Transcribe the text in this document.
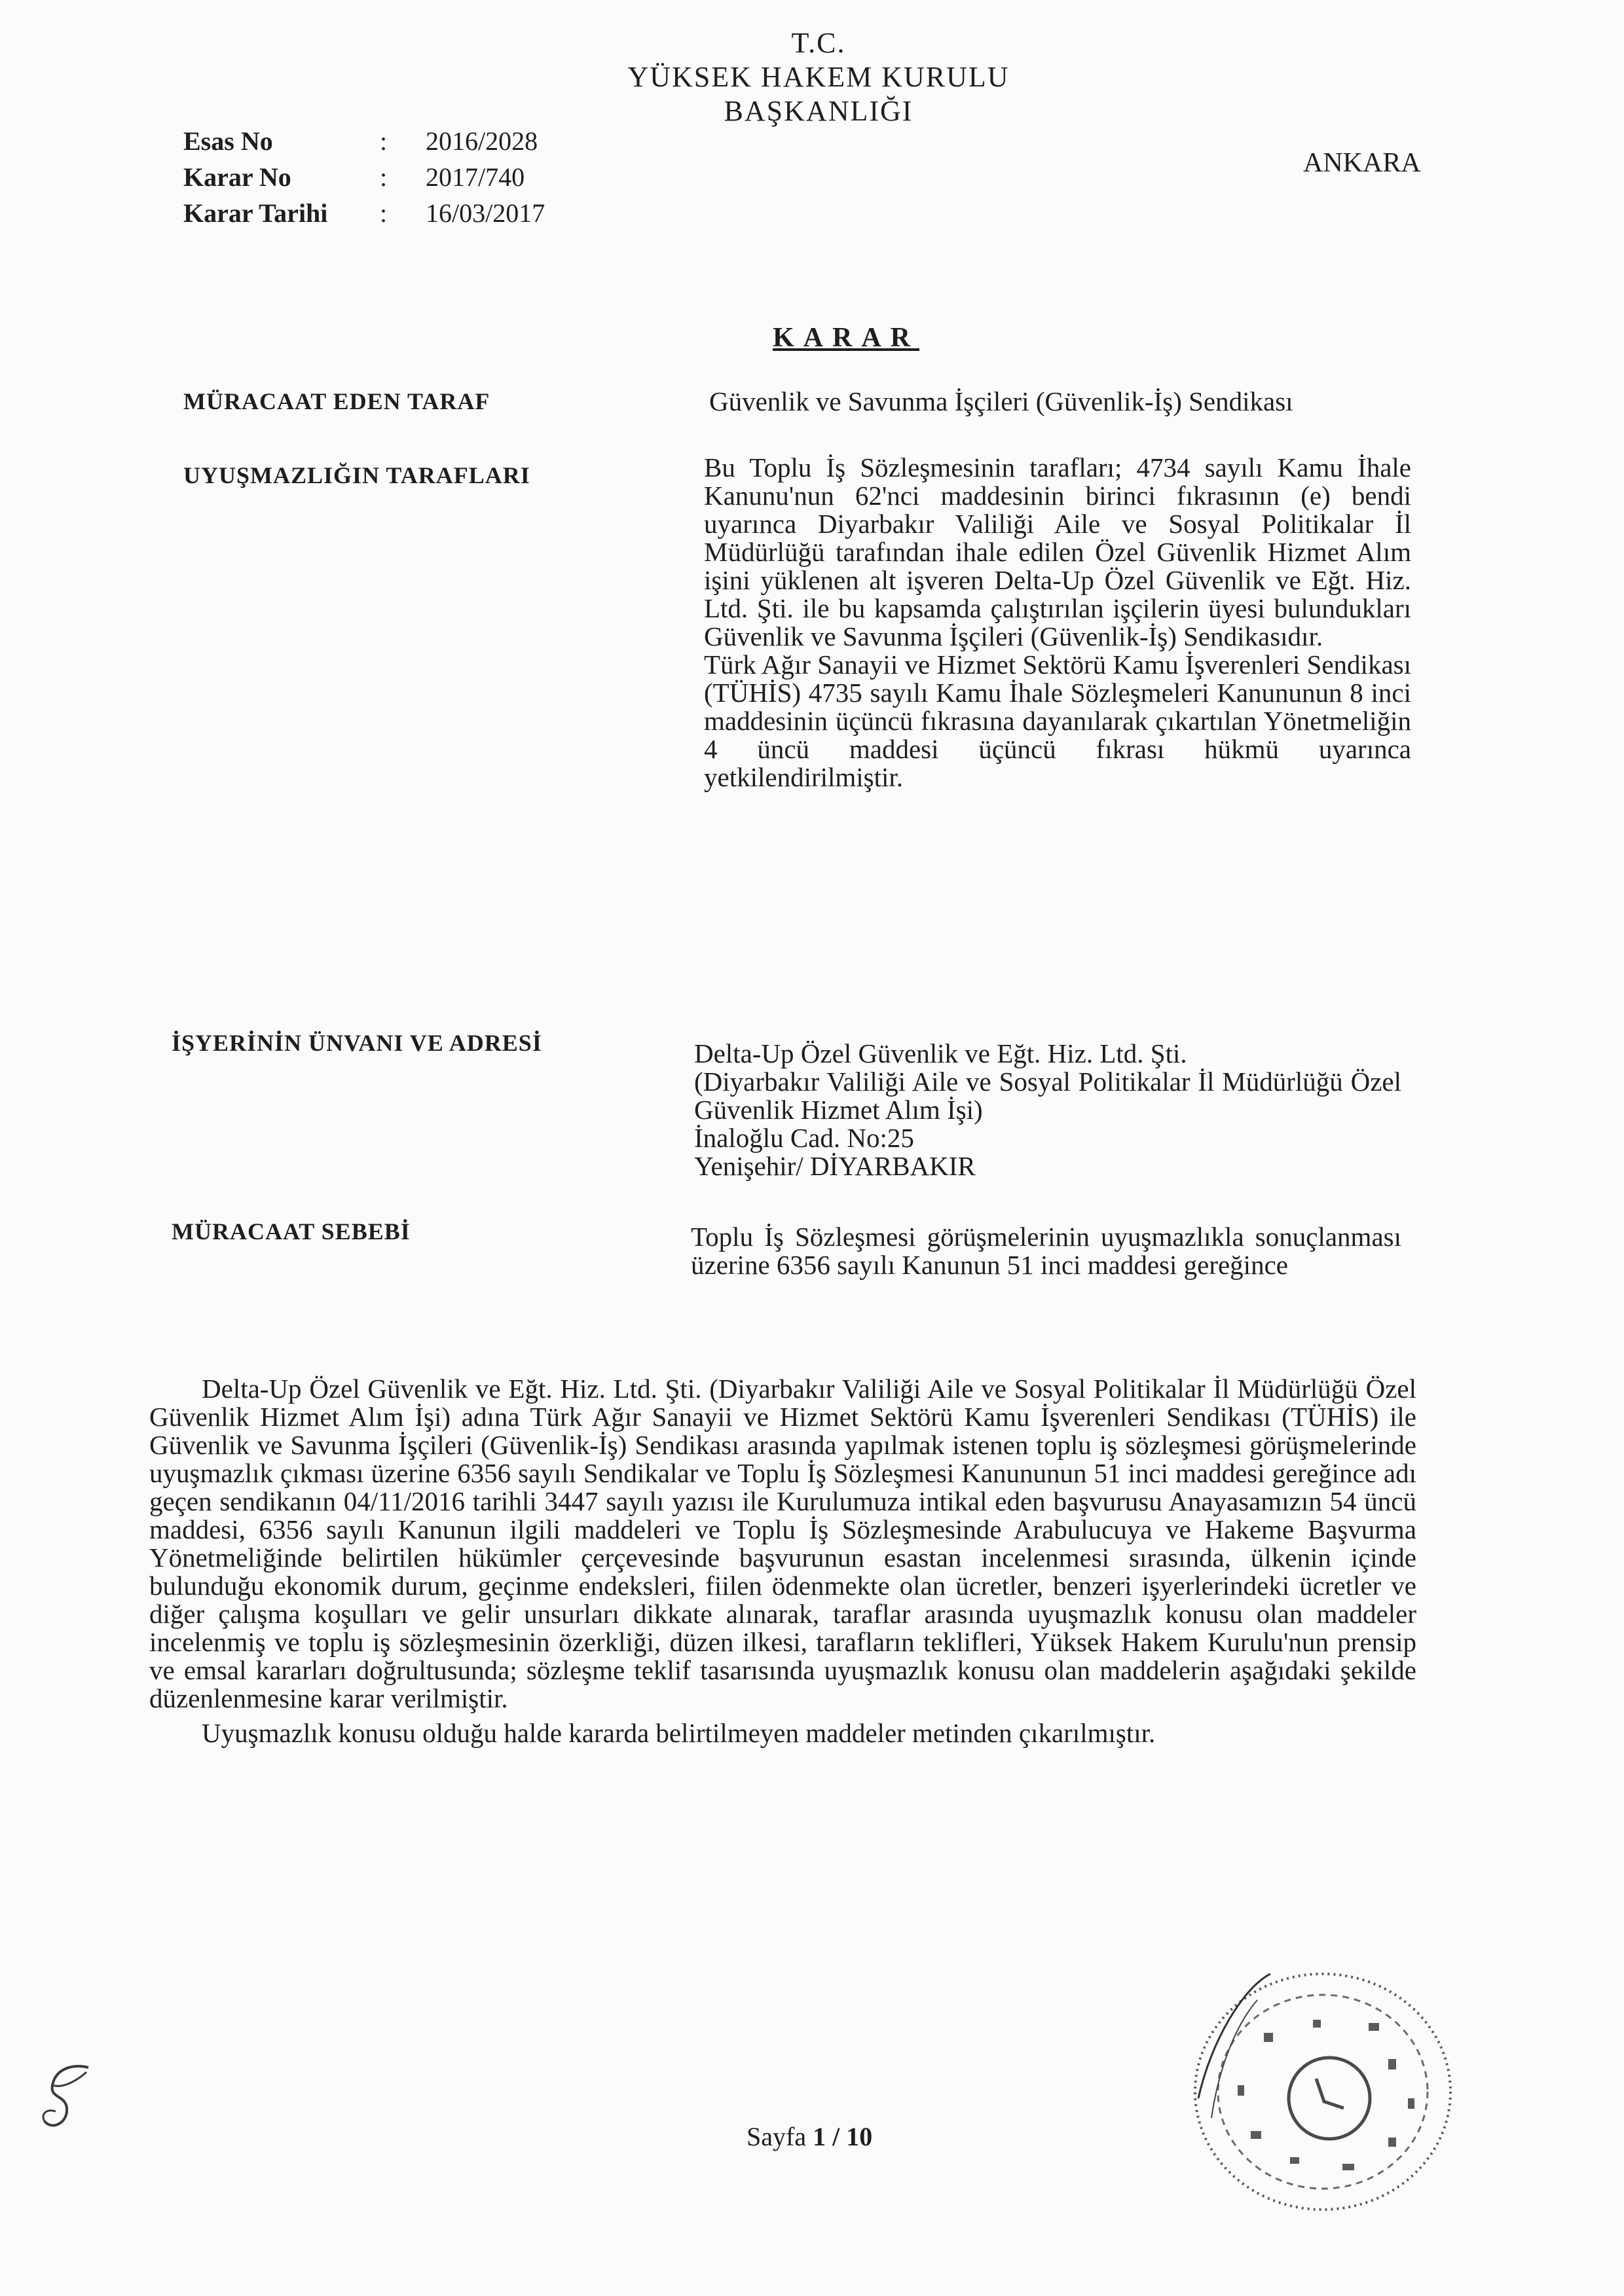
T.C.
YÜKSEK HAKEM KURULU
BAŞKANLIĞI
ANKARA
Esas No	: 2016/2028
Karar No	: 2017/740
Karar Tarihi : 16/03/2017
KARAR
MÜRACAAT EDEN TARAF
UYUŞMAZLIĞIN TARAFLARI
İŞYERİNİN ÜNVANI VE ADRESİ
MÜRACAAT SEBEBİ

Güvenlik ve Savunma İşçileri (Güvenlik-İş) Sendikası

Bu Toplu İş Sözleşmesinin tarafları; 4734 sayılı Kamu İhale Kanunu'nun 62'nci maddesinin birinci fıkrasının (e) bendi uyarınca Diyarbakır Valiliği Aile ve Sosyal Politikalar İl Müdürlüğü tarafından ihale edilen Özel Güvenlik Hizmet Alım işini yüklenen alt işveren Delta-Up Özel Güvenlik ve Eğt. Hiz. Ltd. Şti. ile bu kapsamda çalıştırılan işçilerin üyesi bulundukları Güvenlik ve Savunma İşçileri (Güvenlik-İş) Sendikasıdır.

Türk Ağır Sanayii ve Hizmet Sektörü Kamu İşverenleri Sendikası (TÜHİS) 4735 sayılı Kamu İhale Sözleşmeleri Kanununun 8 inci maddesinin üçüncü fıkrasına dayanılarak çıkartılan Yönetmeliğin 4 üncü maddesi üçüncü fıkrası hükmü uyarınca yetkilendirilmiştir.

Delta-Up Özel Güvenlik ve Eğt. Hiz. Ltd. Şti.

(Diyarbakır Valiliği Aile ve Sosyal Politikalar İl Müdürlüğü Özel Güvenlik Hizmet Alım İşi)

İnaloğlu Cad. No:25

Yenişehir/ DİYARBAKIR

Toplu İş Sözleşmesi görüşmelerinin uyuşmazlıkla sonuçlanması üzerine 6356 sayılı Kanunun 51 inci maddesi gereğince

Delta-Up Özel Güvenlik ve Eğt. Hiz. Ltd. Şti. (Diyarbakır Valiliği Aile ve Sosyal Politikalar İl Müdürlüğü Özel Güvenlik Hizmet Alım İşi) adına Türk Ağır Sanayii ve Hizmet Sektörü Kamu İşverenleri Sendikası (TÜHİS) ile Güvenlik ve Savunma İşçileri (Güvenlik-İş) Sendikası arasında yapılmak istenen toplu iş sözleşmesi görüşmelerinde uyuşmazlık çıkması üzerine 6356 sayılı Sendikalar ve Toplu İş Sözleşmesi Kanununun 51 inci maddesi gereğince adı geçen sendikanın 04/11/2016 tarihli 3447 sayılı yazısı ile Kurulumuza intikal eden başvurusu Anayasamızın 54 üncü maddesi, 6356 sayılı Kanunun ilgili maddeleri ve Toplu İş Sözleşmesinde Arabulucuya ve Hakeme Başvurma Yönetmeliğinde belirtilen hükümler çerçevesinde başvurunun esastan incelenmesi sırasında, ülkenin içinde bulunduğu ekonomik durum, geçinme endeksleri, fiilen ödenmekte olan ücretler, benzeri işyerlerindeki ücretler ve diğer çalışma koşulları ve gelir unsurları dikkate alınarak, taraflar arasında uyuşmazlık konusu olan maddeler incelenmiş ve toplu iş sözleşmesinin özerkliği, düzen ilkesi, tarafların teklifleri, Yüksek Hakem Kurulu'nun prensip ve emsal kararları doğrultusunda; sözleşme teklif tasarısında uyuşmazlık konusu olan maddelerin aşağıdaki şekilde düzenlenmesine karar verilmiştir.

Uyuşmazlık konusu olduğu halde kararda belirtilmeyen maddeler metinden çıkarılmıştır.

Sayfa 1 / 10
